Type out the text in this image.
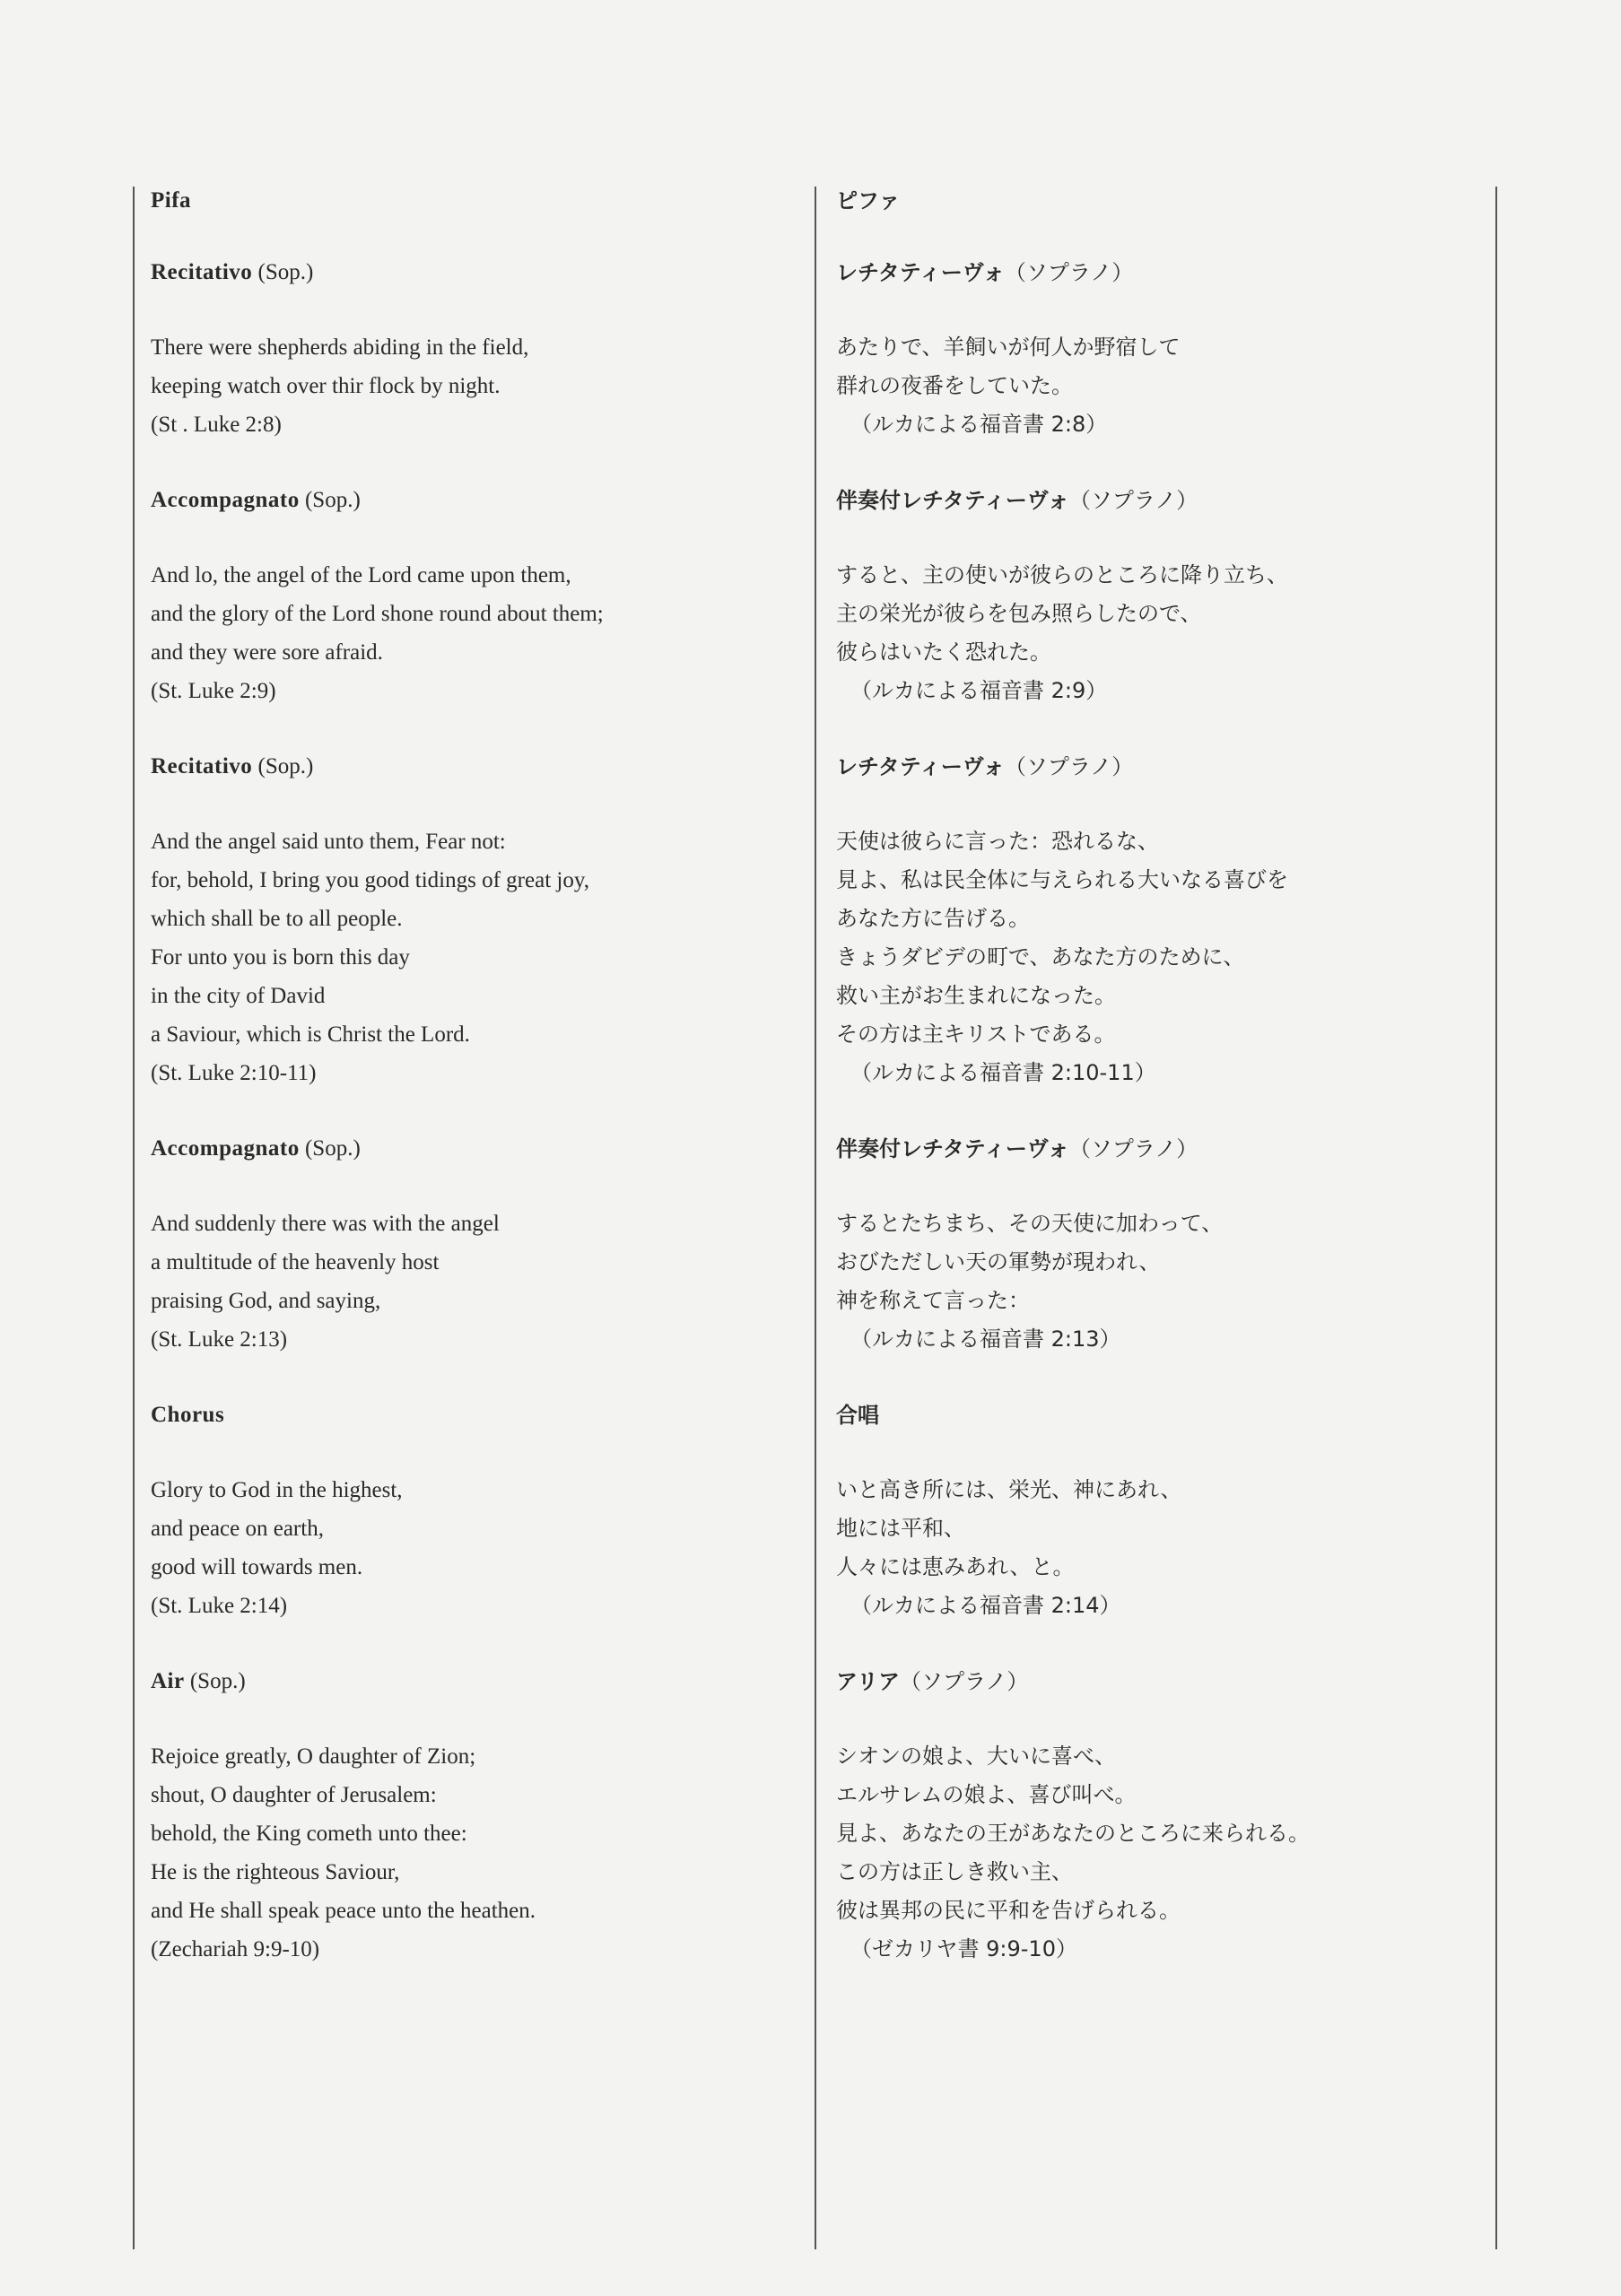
Pifa
Recitativo (Sop.)
There were shepherds abiding in the field,
keeping watch over thir flock by night.
(St . Luke 2:8)
Accompagnato (Sop.)
And lo, the angel of the Lord came upon them,
and the glory of the Lord shone round about them;
and they were sore afraid.
(St. Luke 2:9)
Recitativo (Sop.)
And the angel said unto them, Fear not:
for, behold, I bring you good tidings of great joy,
which shall be to all people.
For unto you is born this day
in the city of David
a Saviour, which is Christ the Lord.
(St. Luke 2:10-11)
Accompagnato (Sop.)
And suddenly there was with the angel
a multitude of the heavenly host
praising God, and saying,
(St. Luke 2:13)
Chorus
Glory to God in the highest,
and peace on earth,
good will towards men.
(St. Luke 2:14)
Air (Sop.)
Rejoice greatly, O daughter of Zion;
shout, O daughter of Jerusalem:
behold, the King cometh unto thee:
He is the righteous Saviour,
and He shall speak peace unto the heathen.
(Zechariah 9:9-10)
ピファ
レチタティーヴォ（ソプラノ）
あたりで、羊飼いが何人か野宿して
群れの夜番をしていた。
（ルカによる福音書 2:8）
伴奏付レチタティーヴォ（ソプラノ）
すると、主の使いが彼らのところに降り立ち、
主の栄光が彼らを包み照らしたので、
彼らはいたく恐れた。
（ルカによる福音書 2:9）
レチタティーヴォ（ソプラノ）
天使は彼らに言った：恐れるな、
見よ、私は民全体に与えられる大いなる喜びを
あなた方に告げる。
きょうダビデの町で、あなた方のために、
救い主がお生まれになった。
その方は主キリストである。
（ルカによる福音書 2:10-11）
伴奏付レチタティーヴォ（ソプラノ）
するとたちまち、その天使に加わって、
おびただしい天の軍勢が現われ、
神を称えて言った：
（ルカによる福音書 2:13）
合唱
いと高き所には、栄光、神にあれ、
地には平和、
人々には恵みあれ、と。
（ルカによる福音書 2:14）
アリア（ソプラノ）
シオンの娘よ、大いに喜べ、
エルサレムの娘よ、喜び叫べ。
見よ、あなたの王があなたのところに来られる。
この方は正しき救い主、
彼は異邦の民に平和を告げられる。
（ゼカリヤ書 9:9-10）
